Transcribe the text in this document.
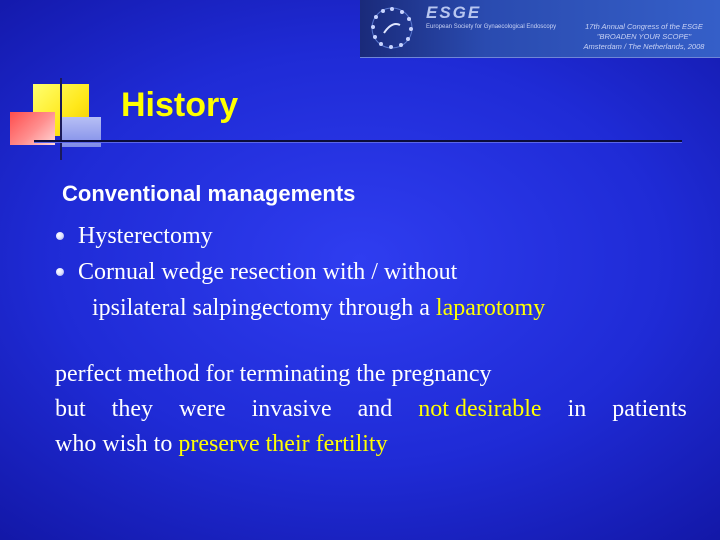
ESGE
European Society for Gynaecological Endoscopy	17th Annual Congress of the ESGE
"BROADEN YOUR SCOPE"
Amsterdam / The Netherlands, 2008
History
Conventional managements
Hysterectomy
Cornual wedge resection with / without
ipsilateral salpingectomy through a laparotomy
perfect method for terminating the pregnancy
but they were invasive and not desirable in patients
who wish to preserve their fertility
